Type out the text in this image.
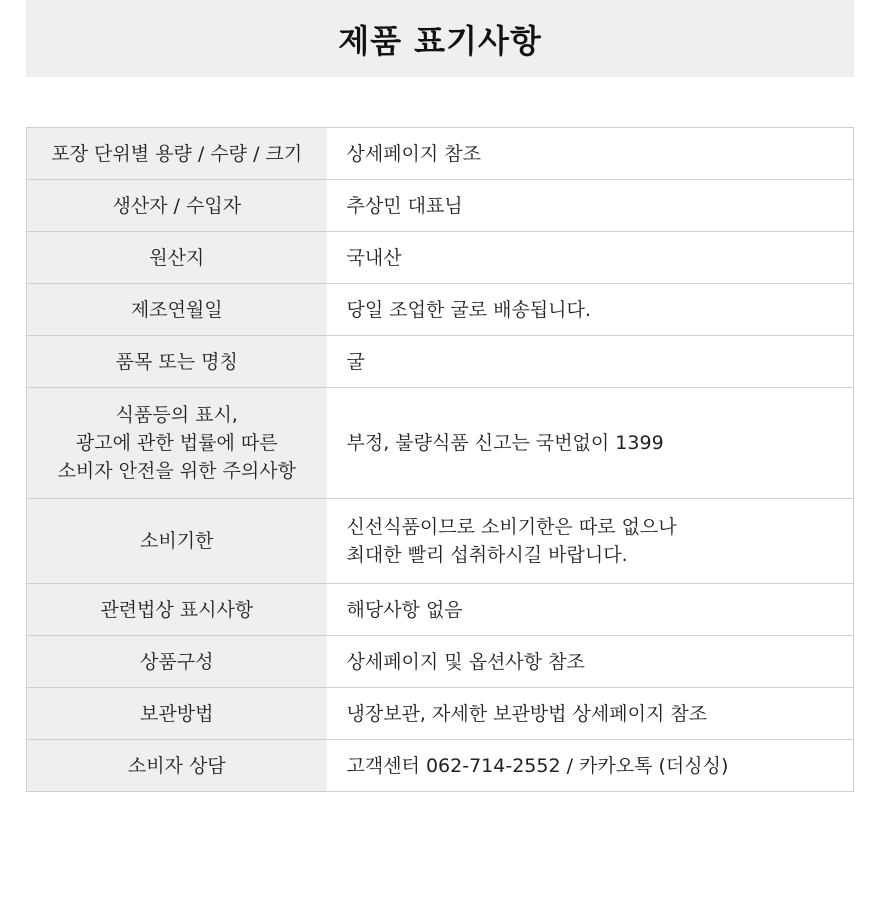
제품 표기사항
포장 단위별 용량 / 수량 / 크기	상세페이지 참조
생산자 / 수입자	추상민 대표님
원산지	국내산
제조연월일	당일 조업한 굴로 배송됩니다.
품목 또는 명칭	굴
식품등의 표시,
광고에 관한 법률에 따른
소비자 안전을 위한 주의사항	부정, 불량식품 신고는 국번없이 1399
소비기한	신선식품이므로 소비기한은 따로 없으나
최대한 빨리 섭취하시길 바랍니다.
관련법상 표시사항	해당사항 없음
상품구성	상세페이지 및 옵션사항 참조
보관방법	냉장보관, 자세한 보관방법 상세페이지 참조
소비자 상담	고객센터 062-714-2552 / 카카오톡 (더싱싱)
